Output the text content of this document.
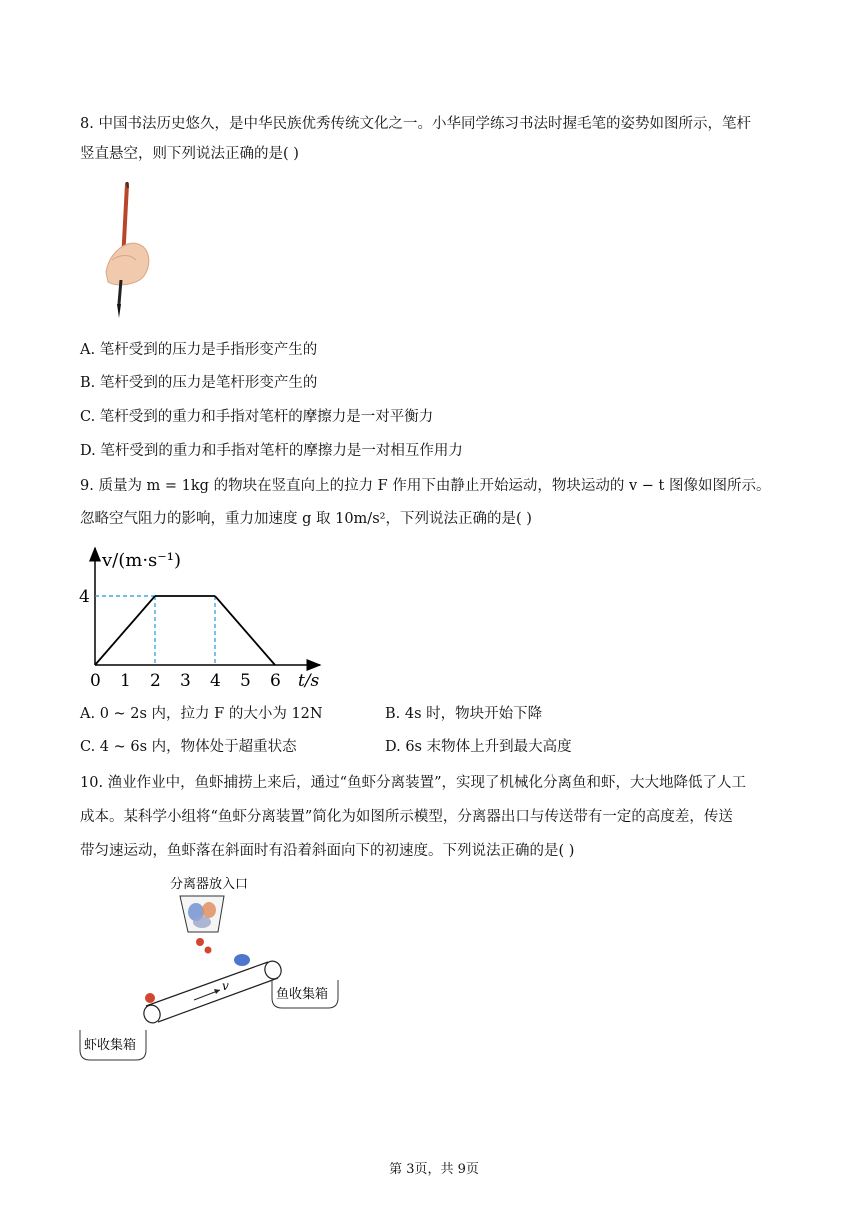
8. 中国书法历史悠久，是中华民族优秀传统文化之一。小华同学练习书法时握毛笔的姿势如图所示，笔杆
竖直悬空，则下列说法正确的是( )
A. 笔杆受到的压力是手指形变产生的
B. 笔杆受到的压力是笔杆形变产生的
C. 笔杆受到的重力和手指对笔杆的摩擦力是一对平衡力
D. 笔杆受到的重力和手指对笔杆的摩擦力是一对相互作用力
9. 质量为 m = 1kg 的物块在竖直向上的拉力 F 作用下由静止开始运动，物块运动的 v − t 图像如图所示。
忽略空气阻力的影响，重力加速度 g 取 10m/s²，下列说法正确的是( )
0 1 2 3 4 5 6
4
v/(m·s⁻¹)
t/s
A. 0 ~ 2s 内，拉力 F 的大小为 12N	B. 4s 时，物块开始下降
C. 4 ~ 6s 内，物体处于超重状态	D. 6s 末物体上升到最大高度
10. 渔业作业中，鱼虾捕捞上来后，通过“鱼虾分离装置”，实现了机械化分离鱼和虾，大大地降低了人工
成本。某科学小组将“鱼虾分离装置”简化为如图所示模型，分离器出口与传送带有一定的高度差，传送
带匀速运动，鱼虾落在斜面时有沿着斜面向下的初速度。下列说法正确的是( )
分离器放入口
v
鱼收集箱
虾收集箱
第 3页，共 9页
